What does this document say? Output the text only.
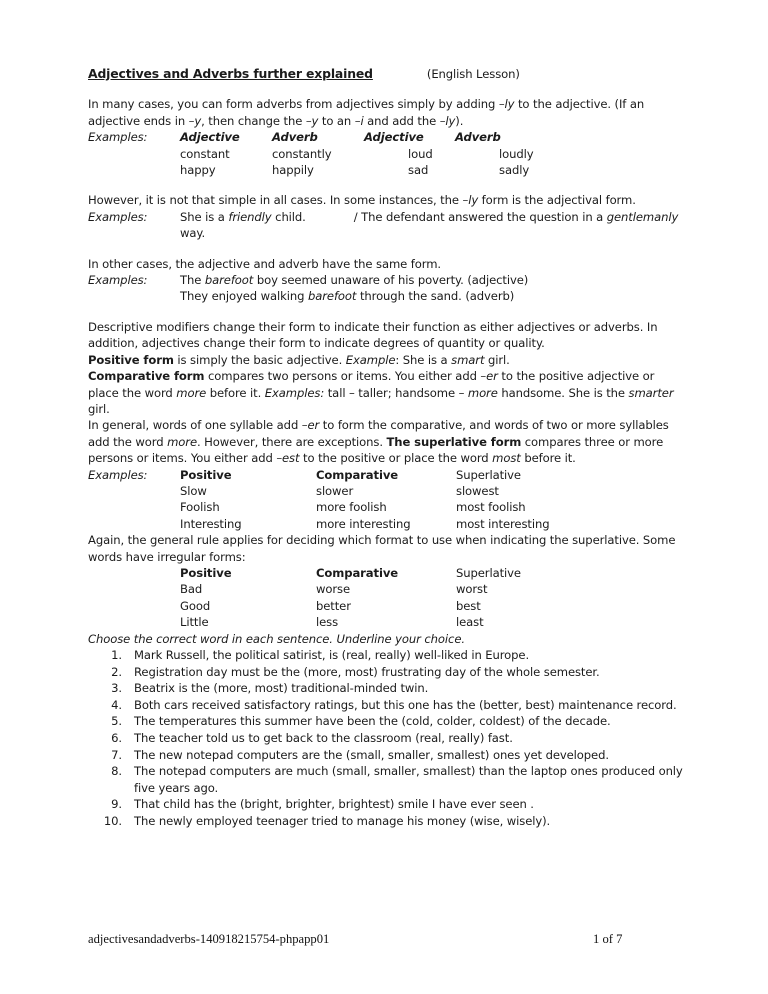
Adjectives and Adverbs further explained	(English Lesson)

In many cases, you can form adverbs from adjectives simply by adding –ly to the adjective. (If an adjective ends in –y, then change the –y to an –i and add the –ly).

Examples:	Adjective	Adverb	Adjective	Adverb
constant	constantly	loud	loudly
happy	happily	sad	sadly

However, it is not that simple in all cases. In some instances, the –ly form is the adjectival form.

Examples:	She is a friendly child.	/ The defendant answered the question in a gentlemanly way.

In other cases, the adjective and adverb have the same form.

Examples:	The barefoot boy seemed unaware of his poverty. (adjective)
They enjoyed walking barefoot through the sand. (adverb)

Descriptive modifiers change their form to indicate their function as either adjectives or adverbs. In addition, adjectives change their form to indicate degrees of quantity or quality.

Positive form is simply the basic adjective. Example: She is a smart girl.

Comparative form compares two persons or items. You either add –er to the positive adjective or place the word more before it. Examples: tall – taller; handsome – more handsome. She is the smarter girl.

In general, words of one syllable add –er to form the comparative, and words of two or more syllables add the word more. However, there are exceptions. The superlative form compares three or more persons or items. You either add –est to the positive or place the word most before it.

Examples:	Positive	Comparative	Superlative
Slow	slower	slowest
Foolish	more foolish	most foolish
Interesting	more interesting	most interesting

Again, the general rule applies for deciding which format to use when indicating the superlative. Some words have irregular forms:

Positive	Comparative	Superlative
Bad	worse	worst
Good	better	best
Little	less	least

Choose the correct word in each sentence. Underline your choice.

1. Mark Russell, the political satirist, is (real, really) well-liked in Europe.
2. Registration day must be the (more, most) frustrating day of the whole semester.
3. Beatrix is the (more, most) traditional-minded twin.
4. Both cars received satisfactory ratings, but this one has the (better, best) maintenance record.
5. The temperatures this summer have been the (cold, colder, coldest) of the decade.
6. The teacher told us to get back to the classroom (real, really) fast.
7. The new notepad computers are the (small, smaller, smallest) ones yet developed.
8. The notepad computers are much (small, smaller, smallest) than the laptop ones produced only five years ago.
9. That child has the (bright, brighter, brightest) smile I have ever seen .
10. The newly employed teenager tried to manage his money (wise, wisely).
adjectivesandadverbs-140918215754-phpapp01	1 of 7
